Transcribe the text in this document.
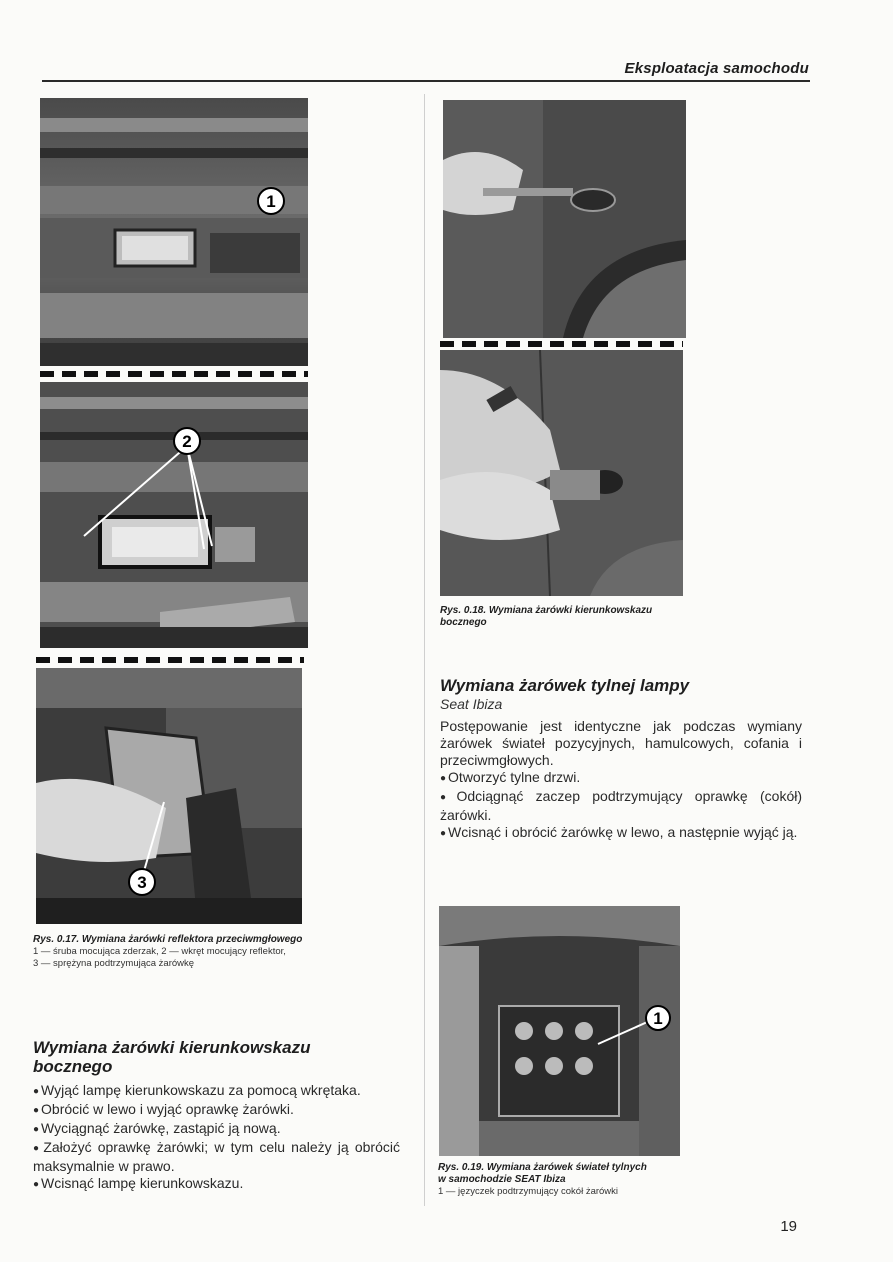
Eksploatacja samochodu
1
2
3
Rys. 0.17. Wymiana żarówki reflektora przeciwmgłowego
1 — śruba mocująca zderzak, 2 — wkręt mocujący reflektor,
3 — sprężyna podtrzymująca żarówkę
Wymiana żarówki kierunkowskazu
bocznego
● Wyjąć lampę kierunkowskazu za pomocą wkrętaka.
● Obrócić w lewo i wyjąć oprawkę żarówki.
● Wyciągnąć żarówkę, zastąpić ją nową.
● Założyć oprawkę żarówki; w tym celu należy ją obrócić maksymalnie w prawo.
● Wcisnąć lampę kierunkowskazu.
Rys. 0.18. Wymiana żarówki kierunkowskazu
bocznego
Wymiana żarówek tylnej lampy
Seat Ibiza

Postępowanie jest identyczne jak podczas wymiany żarówek świateł pozycyjnych, hamulcowych, cofania i przeciwmgłowych.

● Otworzyć tylne drzwi.
● Odciągnąć zaczep podtrzymujący oprawkę (cokół) żarówki.
● Wcisnąć i obrócić żarówkę w lewo, a następnie wyjąć ją.
1
Rys. 0.19. Wymiana żarówek świateł tylnych
w samochodzie SEAT Ibiza
1 — języczek podtrzymujący cokół żarówki
19
